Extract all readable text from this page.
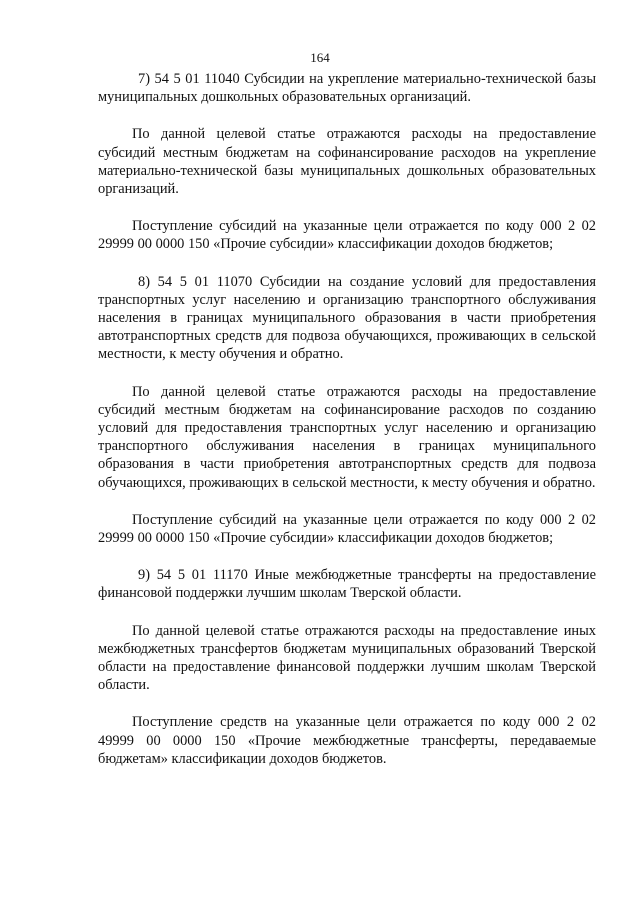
164

7) 54 5 01 11040 Субсидии на укрепление материально-технической базы муниципальных дошкольных образовательных организаций.

По данной целевой статье отражаются расходы на предоставление субсидий местным бюджетам на софинансирование расходов на укрепление материально-технической базы муниципальных дошкольных образовательных организаций.

Поступление субсидий на указанные цели отражается по коду 000 2 02 29999 00 0000 150 «Прочие субсидии» классификации доходов бюджетов;

8) 54 5 01 11070 Субсидии на создание условий для предоставления транспортных услуг населению и организацию транспортного обслуживания населения в границах муниципального образования в части приобретения автотранспортных средств для подвоза обучающихся, проживающих в сельской местности, к месту обучения и обратно.

По данной целевой статье отражаются расходы на предоставление субсидий местным бюджетам на софинансирование расходов по созданию условий для предоставления транспортных услуг населению и организацию транспортного обслуживания населения в границах муниципального образования в части приобретения автотранспортных средств для подвоза обучающихся, проживающих в сельской местности, к месту обучения и обратно.

Поступление субсидий на указанные цели отражается по коду 000 2 02 29999 00 0000 150 «Прочие субсидии» классификации доходов бюджетов;

9) 54 5 01 11170 Иные межбюджетные трансферты на предоставление финансовой поддержки лучшим школам Тверской области.

По данной целевой статье отражаются расходы на предоставление иных межбюджетных трансфертов бюджетам муниципальных образований Тверской области на предоставление финансовой поддержки лучшим школам Тверской области.

Поступление средств на указанные цели отражается по коду 000 2 02 49999 00 0000 150 «Прочие межбюджетные трансферты, передаваемые бюджетам» классификации доходов бюджетов.
